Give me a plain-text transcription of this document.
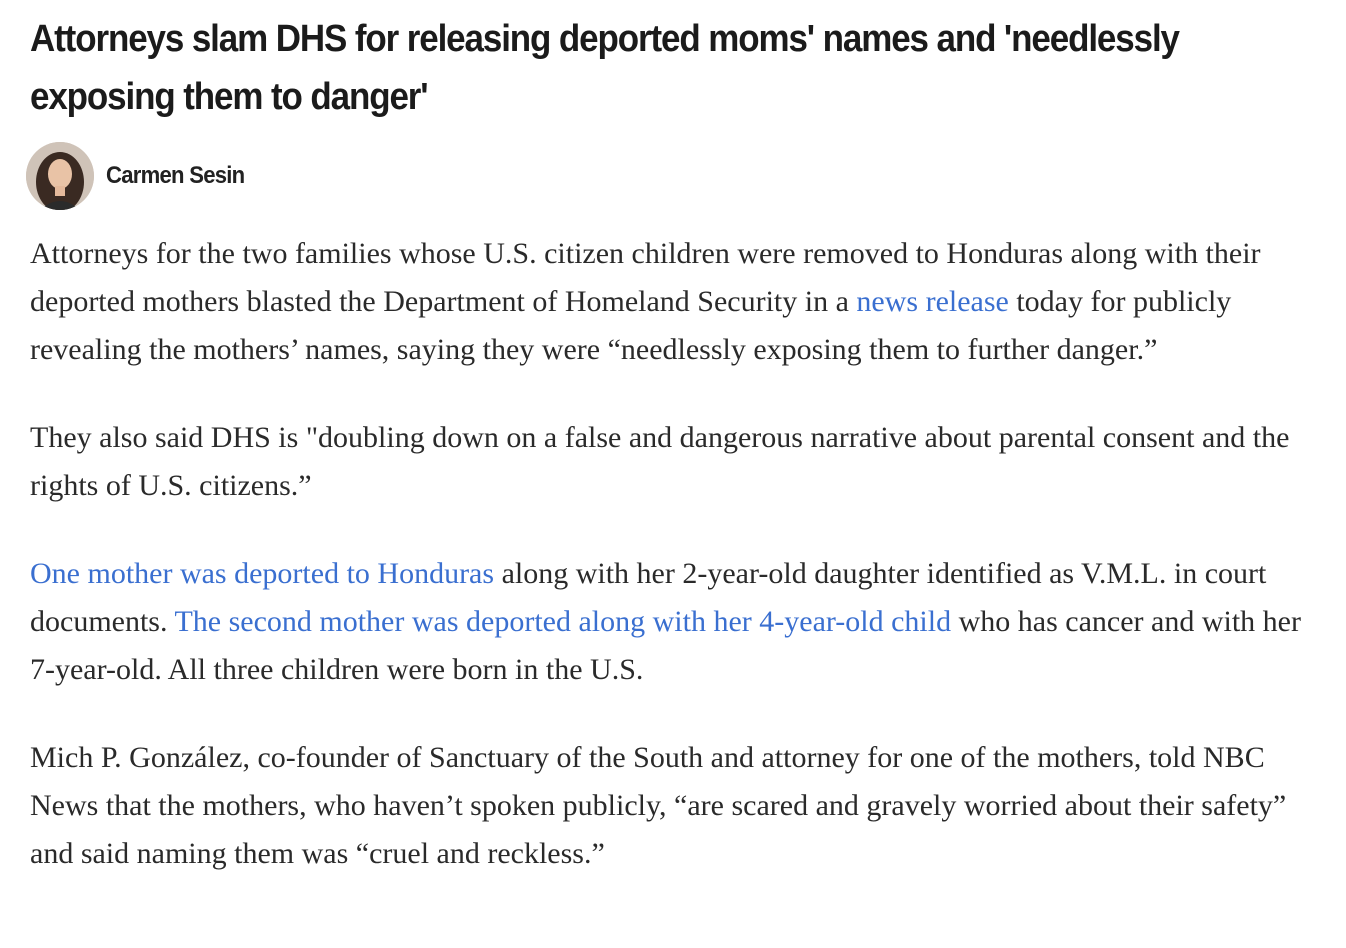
Attorneys slam DHS for releasing deported moms' names and 'needlessly exposing them to danger'
Carmen Sesin

Attorneys for the two families whose U.S. citizen children were removed to Honduras along with their deported mothers blasted the Department of Homeland Security in a news release today for publicly revealing the mothers’ names, saying they were “needlessly exposing them to further danger.”

They also said DHS is "doubling down on a false and dangerous narrative about parental consent and the rights of U.S. citizens.”

One mother was deported to Honduras along with her 2-year-old daughter identified as V.M.L. in court documents. The second mother was deported along with her 4-year-old child who has cancer and with her 7-year-old. All three children were born in the U.S.

Mich P. González, co-founder of Sanctuary of the South and attorney for one of the mothers, told NBC News that the mothers, who haven’t spoken publicly, “are scared and gravely worried about their safety” and said naming them was “cruel and reckless.”
